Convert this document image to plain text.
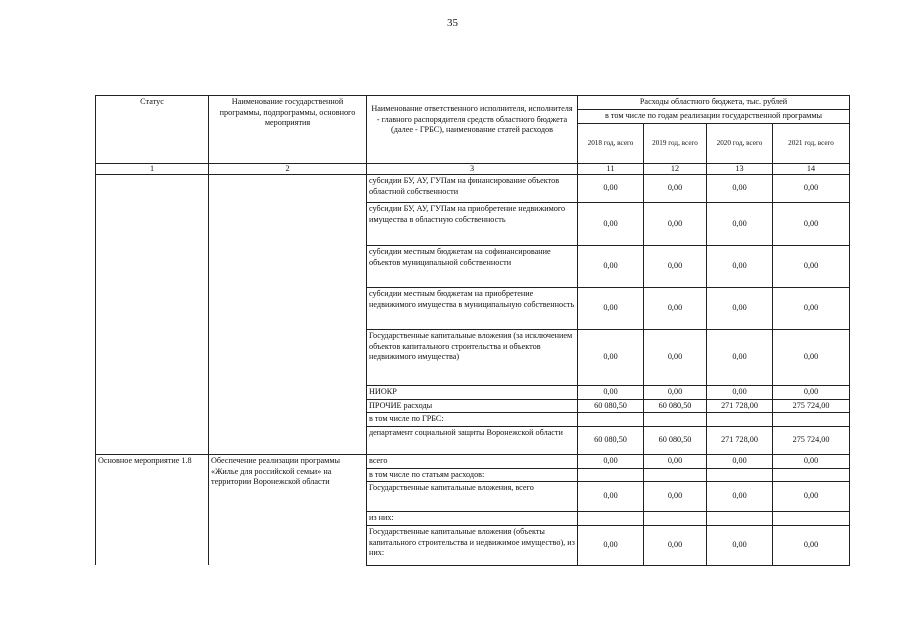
35
Статус	Наименование государственной программы, подпрограммы, основного мероприятия	Наименование ответственного исполнителя, исполнителя - главного распорядителя средств областного бюджета (далее - ГРБС), наименование статей расходов	Расходы областного бюджета, тыс. рублей			
			в том числе по годам реализации государственной программы			
			2018 год, всего	2019 год, всего	2020 год, всего	2021 год, всего
1	2	3	11	12	13	14
		субсидии БУ, АУ, ГУПам на финансирование объектов областной собственности	0,00	0,00	0,00	0,00
		субсидии БУ, АУ, ГУПам на приобретение недвижимого имущества в областную собственность	0,00	0,00	0,00	0,00
		субсидии местным бюджетам на софинансирование объектов муниципальной собственности	0,00	0,00	0,00	0,00
		субсидии местным бюджетам на приобретение недвижимого имущества в муниципальную собственность	0,00	0,00	0,00	0,00
		Государственные капитальные вложения (за исключением объектов капитального строительства и объектов недвижимого имущества)	0,00	0,00	0,00	0,00
		НИОКР	0,00	0,00	0,00	0,00
		ПРОЧИЕ расходы	60 080,50	60 080,50	271 728,00	275 724,00
		в том числе по ГРБС:				
		департамент социальной защиты Воронежской области	60 080,50	60 080,50	271 728,00	275 724,00
Основное мероприятие 1.8	Обеспечение реализации программы «Жилье для российской семьи» на территории Воронежской области	всего	0,00	0,00	0,00	0,00
		в том числе по статьям расходов:				
		Государственные капитальные вложения, всего	0,00	0,00	0,00	0,00
		из них:				
		Государственные капитальные вложения (объекты капитального строительства и недвижимое имущество), из них:	0,00	0,00	0,00	0,00
